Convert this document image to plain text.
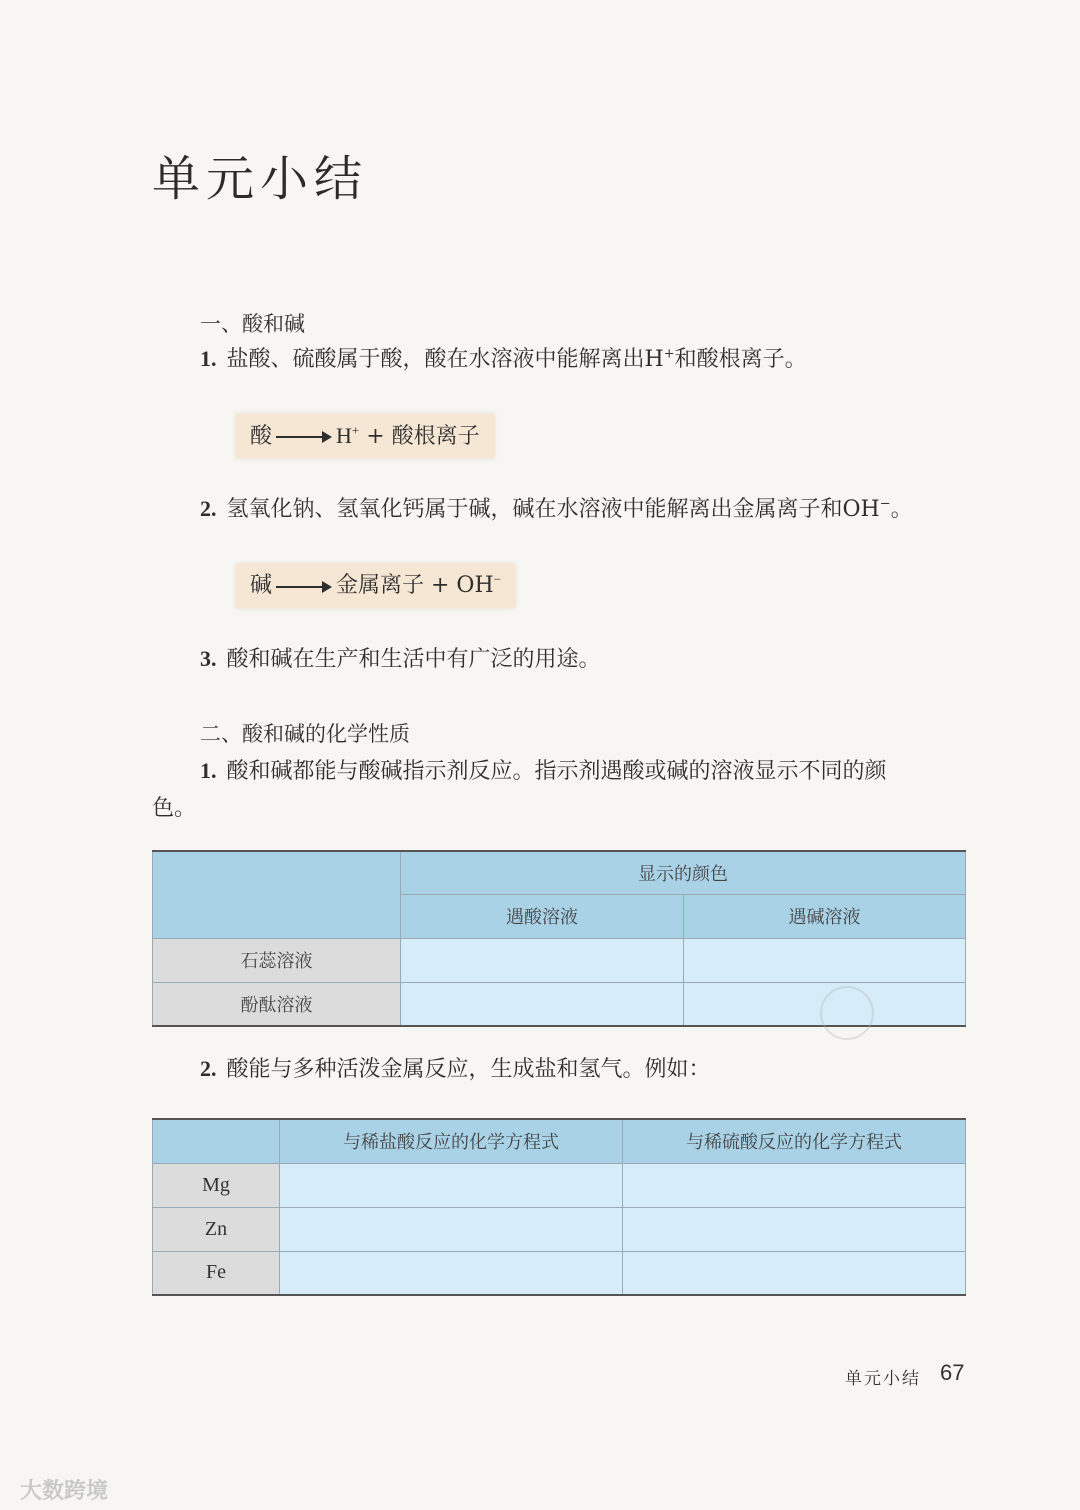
单元小结
一、酸和碱
1. 盐酸、硫酸属于酸，酸在水溶液中能解离出H+和酸根离子。
酸	H+ + 酸根离子
2. 氢氧化钠、氢氧化钙属于碱，碱在水溶液中能解离出金属离子和OH−。
碱	金属离子 + OH−
3. 酸和碱在生产和生活中有广泛的用途。
二、酸和碱的化学性质
1. 酸和碱都能与酸碱指示剂反应。指示剂遇酸或碱的溶液显示不同的颜
色。
	显示的颜色	
	遇酸溶液	遇碱溶液
石蕊溶液		
酚酞溶液		
2. 酸能与多种活泼金属反应，生成盐和氢气。例如：
	与稀盐酸反应的化学方程式	与稀硫酸反应的化学方程式
Mg		
Zn		
Fe		
单元小结 67
大数跨境
